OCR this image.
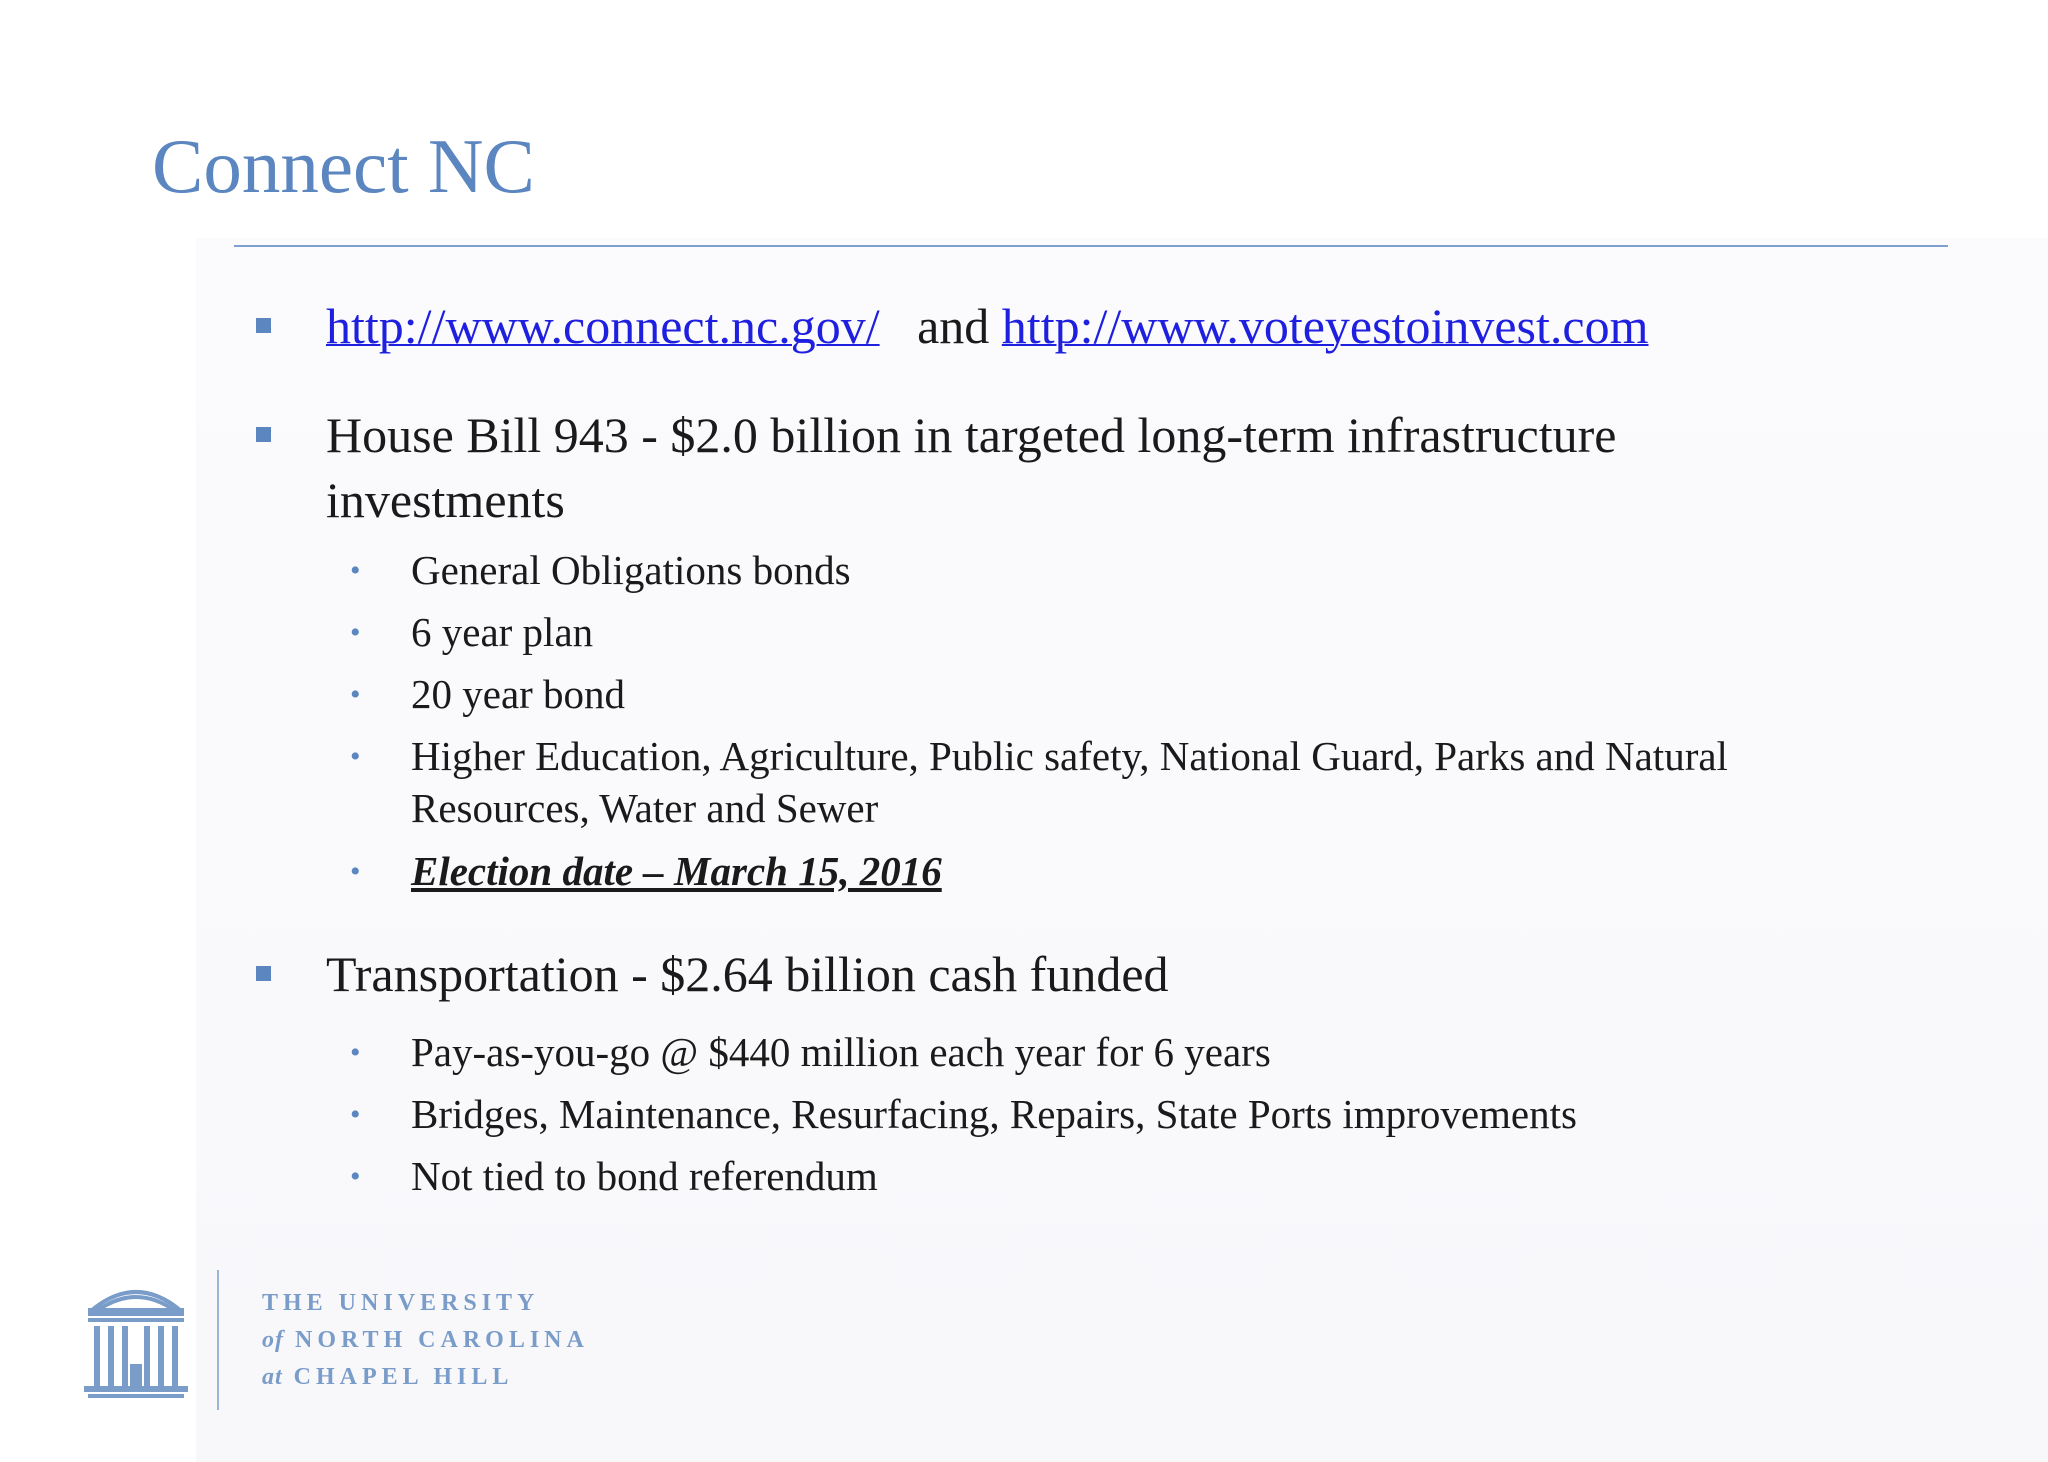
Connect NC
http://www.connect.nc.gov/ and http://www.voteyestoinvest.com
House Bill 943 - $2.0 billion in targeted long-term infrastructure
investments
• General Obligations bonds
• 6 year plan
• 20 year bond
• Higher Education, Agriculture, Public safety, National Guard, Parks and Natural
Resources, Water and Sewer
• Election date – March 15, 2016
Transportation - $2.64 billion cash funded
• Pay-as-you-go @ $440 million each year for 6 years
• Bridges, Maintenance, Resurfacing, Repairs, State Ports improvements
• Not tied to bond referendum
THE UNIVERSITY
of NORTH CAROLINA
at CHAPEL HILL
